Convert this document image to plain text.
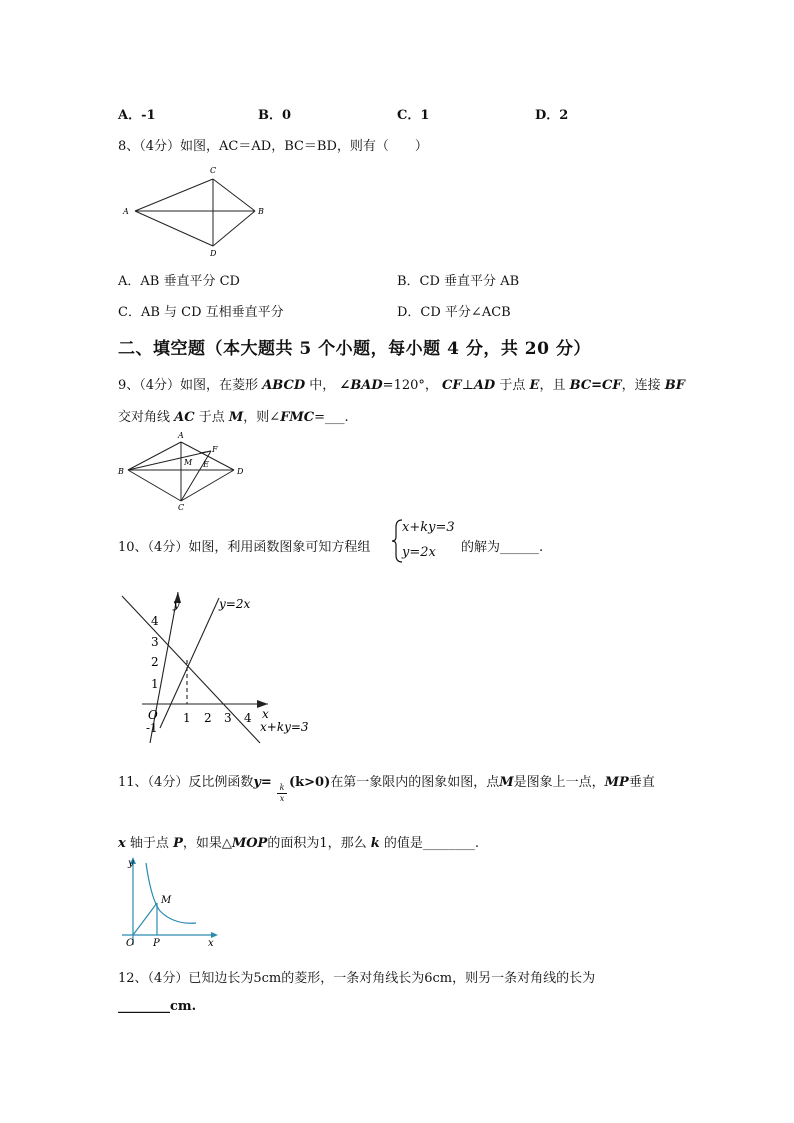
A．-1	B．0	C．1	D．2
8、（4分）如图，AC＝AD，BC＝BD，则有（　　）
A
C
B
D
A．AB 垂直平分 CD	B．CD 垂直平分 AB
C．AB 与 CD 互相垂直平分	D．CD 平分∠ACB
二、填空题（本大题共 5 个小题，每小题 4 分，共 20 分）
9、（4分）如图，在菱形 ABCD 中， ∠BAD=120°， CF⊥AD 于点 E，且 BC=CF，连接 BF
交对角线 AC 于点 M，则∠FMC=___.
A
B	D
C
M E
F
10、（4分）如图，利用函数图象可知方程组
x+ky=3
y=2x 的解为______.
y
x
y=2x
x+ky=3
O 1 2 3 4
1
2
3
4
-1
11、（4分）反比例函数y=
$\frac{k}{x}$
(k>0)在第一象限内的图象如图，点M是图象上一点，MP垂直
x 轴于点 P，如果△MOP的面积为1，那么 k 的值是________.
y
x
O P
M
12、（4分）已知边长为5cm的菱形，一条对角线长为6cm，则另一条对角线的长为
________cm.
